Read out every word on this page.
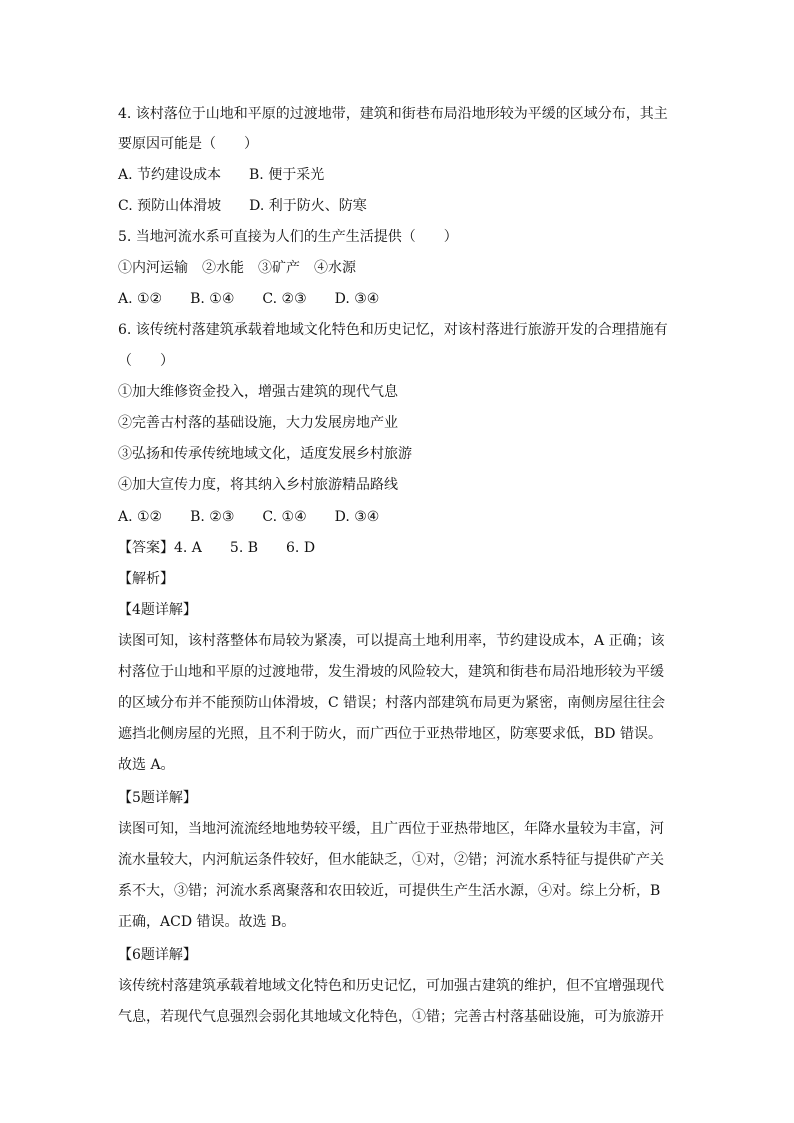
4. 该村落位于山地和平原的过渡地带，建筑和街巷布局沿地形较为平缓的区域分布，其主
要原因可能是（　　）
A. 节约建设成本　　B. 便于采光
C. 预防山体滑坡　　D. 利于防火、防寒
5. 当地河流水系可直接为人们的生产生活提供（　　）
①内河运输　②水能　③矿产　④水源
A. ①②　　B. ①④　　C. ②③　　D. ③④
6. 该传统村落建筑承载着地域文化特色和历史记忆，对该村落进行旅游开发的合理措施有
（　　）
①加大维修资金投入，增强古建筑的现代气息
②完善古村落的基础设施，大力发展房地产业
③弘扬和传承传统地域文化，适度发展乡村旅游
④加大宣传力度，将其纳入乡村旅游精品路线
A. ①②　　B. ②③　　C. ①④　　D. ③④
【答案】4. A　　5. B　　6. D
【解析】
【4题详解】
读图可知，该村落整体布局较为紧凑，可以提高土地利用率，节约建设成本，A 正确；该
村落位于山地和平原的过渡地带，发生滑坡的风险较大，建筑和街巷布局沿地形较为平缓
的区域分布并不能预防山体滑坡，C 错误；村落内部建筑布局更为紧密，南侧房屋往往会
遮挡北侧房屋的光照，且不利于防火，而广西位于亚热带地区，防寒要求低，BD 错误。
故选 A。
【5题详解】
读图可知，当地河流流经地地势较平缓，且广西位于亚热带地区，年降水量较为丰富，河
流水量较大，内河航运条件较好，但水能缺乏，①对，②错；河流水系特征与提供矿产关
系不大，③错；河流水系离聚落和农田较近，可提供生产生活水源，④对。综上分析，B
正确，ACD 错误。故选 B。
【6题详解】
该传统村落建筑承载着地域文化特色和历史记忆，可加强古建筑的维护，但不宜增强现代
气息，若现代气息强烈会弱化其地域文化特色，①错；完善古村落基础设施，可为旅游开
